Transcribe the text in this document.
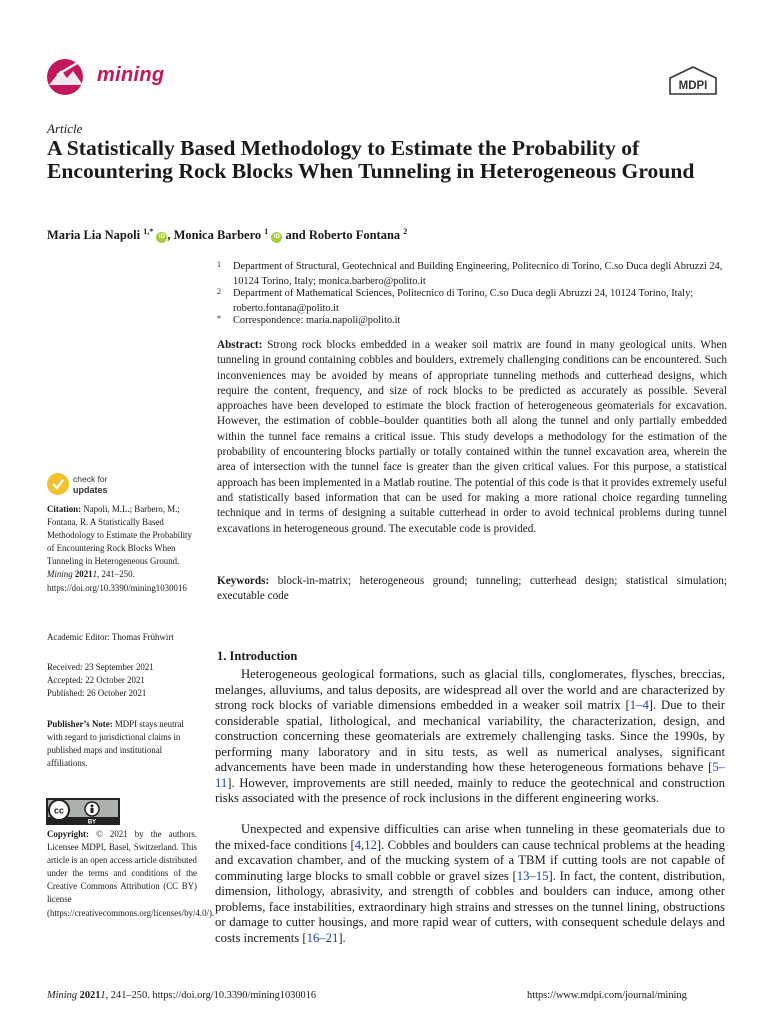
mining	MDPI
Article
A Statistically Based Methodology to Estimate the Probability of Encountering Rock Blocks When Tunneling in Heterogeneous Ground
Maria Lia Napoli $^{1,*}$ iD , Monica Barbero $^1$ iD and Roberto Fontana $^2$
1	Department of Structural, Geotechnical and Building Engineering, Politecnico di Torino, C.so Duca degli Abruzzi 24, 10124 Torino, Italy; monica.barbero@polito.it
2	Department of Mathematical Sciences, Politecnico di Torino, C.so Duca degli Abruzzi 24, 10124 Torino, Italy; roberto.fontana@polito.it
*	Correspondence: maria.napoli@polito.it
Abstract: Strong rock blocks embedded in a weaker soil matrix are found in many geological units. When tunneling in ground containing cobbles and boulders, extremely challenging conditions can be encountered. Such inconveniences may be avoided by means of appropriate tunneling methods and cutterhead designs, which require the content, frequency, and size of rock blocks to be predicted as accurately as possible. Several approaches have been developed to estimate the block fraction of heterogeneous geomaterials for excavation. However, the estimation of cobble–boulder quantities both all along the tunnel and only partially embedded within the tunnel face remains a critical issue. This study develops a methodology for the estimation of the probability of encountering blocks partially or totally contained within the tunnel excavation area, wherein the area of intersection with the tunnel face is greater than the given critical values. For this purpose, a statistical approach has been implemented in a Matlab routine. The potential of this code is that it provides extremely useful and statistically based information that can be used for making a more rational choice regarding tunneling technique and in terms of designing a suitable cutterhead in order to avoid technical problems during tunnel excavations in heterogeneous ground. The executable code is provided.
Keywords: block-in-matrix; heterogeneous ground; tunneling; cutterhead design; statistical simulation; executable code
1. Introduction
Heterogeneous geological formations, such as glacial tills, conglomerates, flysches, breccias, melanges, alluviums, and talus deposits, are widespread all over the world and are characterized by strong rock blocks of variable dimensions embedded in a weaker soil matrix [1–4]. Due to their considerable spatial, lithological, and mechanical variability, the characterization, design, and construction concerning these geomaterials are extremely challenging tasks. Since the 1990s, by performing many laboratory and in situ tests, as well as numerical analyses, significant advancements have been made in understanding how these heterogeneous formations behave [5–11]. However, improvements are still needed, mainly to reduce the geotechnical and construction risks associated with the presence of rock inclusions in the different engineering works.
Unexpected and expensive difficulties can arise when tunneling in these geomaterials due to the mixed-face conditions [4,12]. Cobbles and boulders can cause technical problems at the heading and excavation chamber, and of the mucking system of a TBM if cutting tools are not capable of comminuting large blocks to small cobble or gravel sizes [13–15]. In fact, the content, distribution, dimension, lithology, abrasivity, and strength of cobbles and boulders can induce, among other problems, face instabilities, extraordinary high strains and stresses on the tunnel lining, obstructions or damage to cutter housings, and more rapid wear of cutters, with consequent schedule delays and costs increments [16–21].
check for
updates
Citation: Napoli, M.L.; Barbero, M.; Fontana, R. A Statistically Based Methodology to Estimate the Probability of Encountering Rock Blocks When Tunneling in Heterogeneous Ground. Mining 20211, 241–250. https://doi.org/10.3390/mining1030016
Academic Editor: Thomas Frühwirt
Received: 23 September 2021
Accepted: 22 October 2021
Published: 26 October 2021
Publisher’s Note: MDPI stays neutral with regard to jurisdictional claims in published maps and institutional affiliations.
cc
BY
Copyright: © 2021 by the authors. Licensee MDPI, Basel, Switzerland. This article is an open access article distributed under the terms and conditions of the Creative Commons Attribution (CC BY) license (https://creativecommons.org/licenses/by/4.0/).
Mining 20211, 241–250. https://doi.org/10.3390/mining1030016	https://www.mdpi.com/journal/mining
